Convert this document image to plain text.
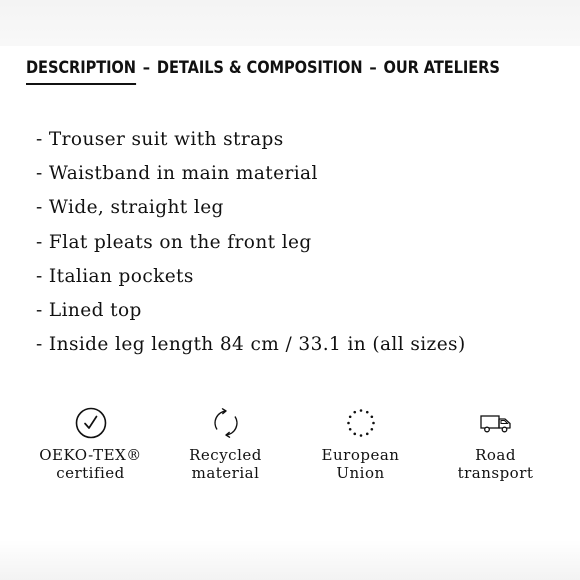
DESCRIPTION – DETAILS & COMPOSITION – OUR ATELIERS
- Trouser suit with straps
- Waistband in main material
- Wide, straight leg
- Flat pleats on the front leg
- Italian pockets
- Lined top
- Inside leg length 84 cm / 33.1 in (all sizes)
OEKO-TEX® certified
Recycled material
European Union
Road transport
